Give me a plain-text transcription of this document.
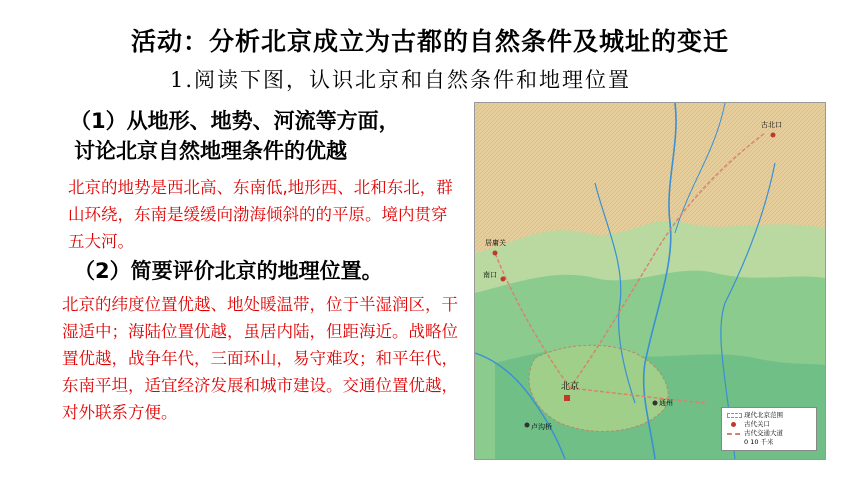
活动：分析北京成立为古都的自然条件及城址的变迁
1.阅读下图，认识北京和自然条件和地理位置
（1）从地形、地势、河流等方面，
讨论北京自然地理条件的优越
北京的地势是西北高、东南低,地形西、北和东北，群山环绕，东南是缓缓向渤海倾斜的的平原。境内贯穿五大河。
（2）简要评价北京的地理位置。
北京的纬度位置优越、地处暖温带，位于半湿润区，干湿适中；海陆位置优越，虽居内陆，但距海近。战略位置优越，战争年代，三面环山，易守难攻；和平年代，东南平坦，适宜经济发展和城市建设。交通位置优越，对外联系方便。
古北口
居庸关
南口
北京
通州
卢沟桥
现代北京范围
古代关口
古代交通大道
0 10 千米
